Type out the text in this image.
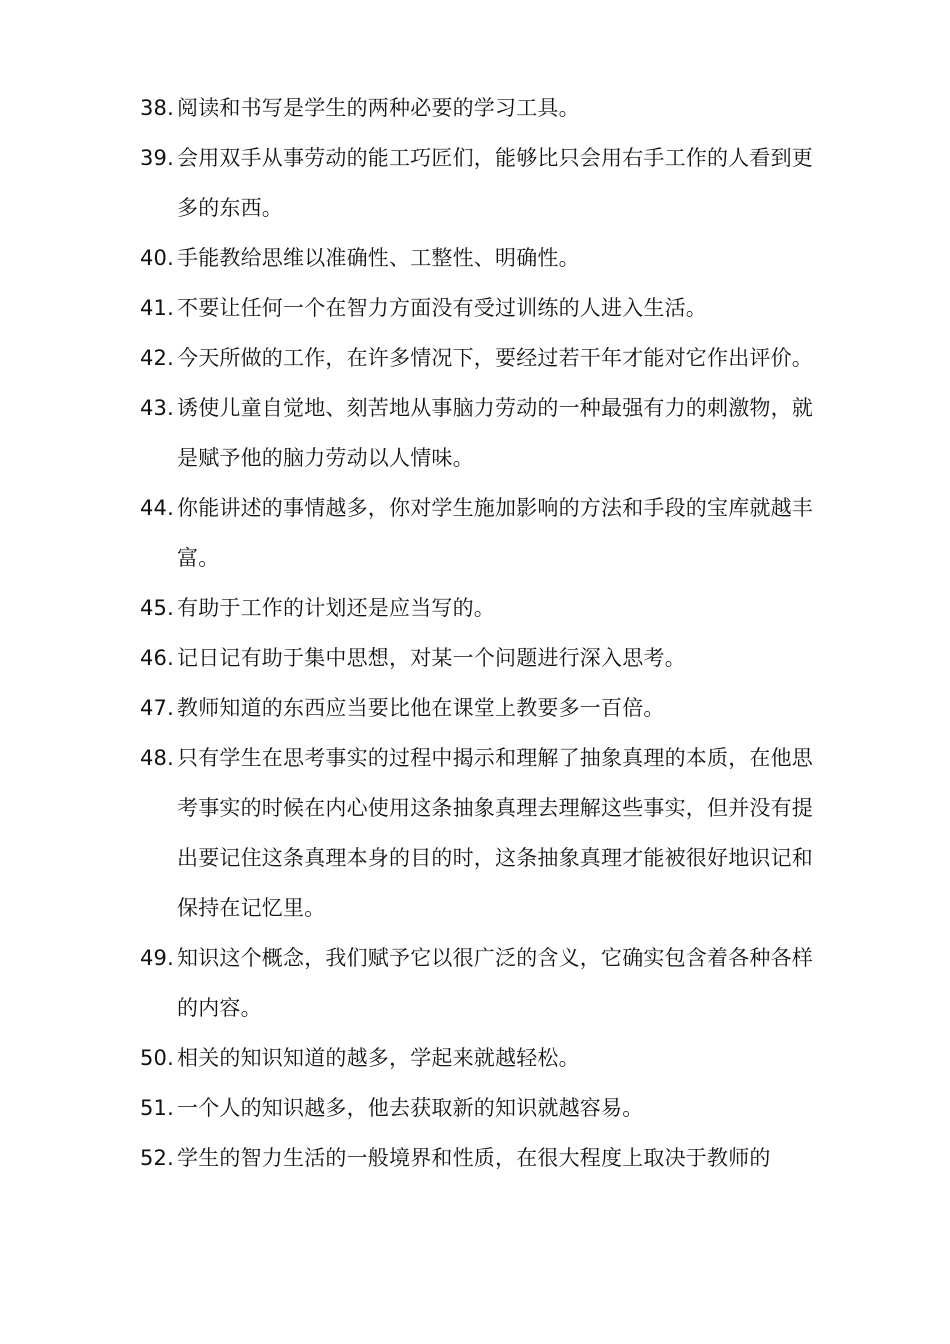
38. 阅读和书写是学生的两种必要的学习工具。
39. 会用双手从事劳动的能工巧匠们，能够比只会用右手工作的人看到更多的东西。
40. 手能教给思维以准确性、工整性、明确性。
41. 不要让任何一个在智力方面没有受过训练的人进入生活。
42. 今天所做的工作，在许多情况下，要经过若干年才能对它作出评价。
43. 诱使儿童自觉地、刻苦地从事脑力劳动的一种最强有力的刺激物，就是赋予他的脑力劳动以人情味。
44. 你能讲述的事情越多，你对学生施加影响的方法和手段的宝库就越丰富。
45. 有助于工作的计划还是应当写的。
46. 记日记有助于集中思想，对某一个问题进行深入思考。
47. 教师知道的东西应当要比他在课堂上教要多一百倍。
48. 只有学生在思考事实的过程中揭示和理解了抽象真理的本质，在他思考事实的时候在内心使用这条抽象真理去理解这些事实，但并没有提出要记住这条真理本身的目的时，这条抽象真理才能被很好地识记和保持在记忆里。
49. 知识这个概念，我们赋予它以很广泛的含义，它确实包含着各种各样的内容。
50. 相关的知识知道的越多，学起来就越轻松。
51. 一个人的知识越多，他去获取新的知识就越容易。
52. 学生的智力生活的一般境界和性质，在很大程度上取决于教师的
